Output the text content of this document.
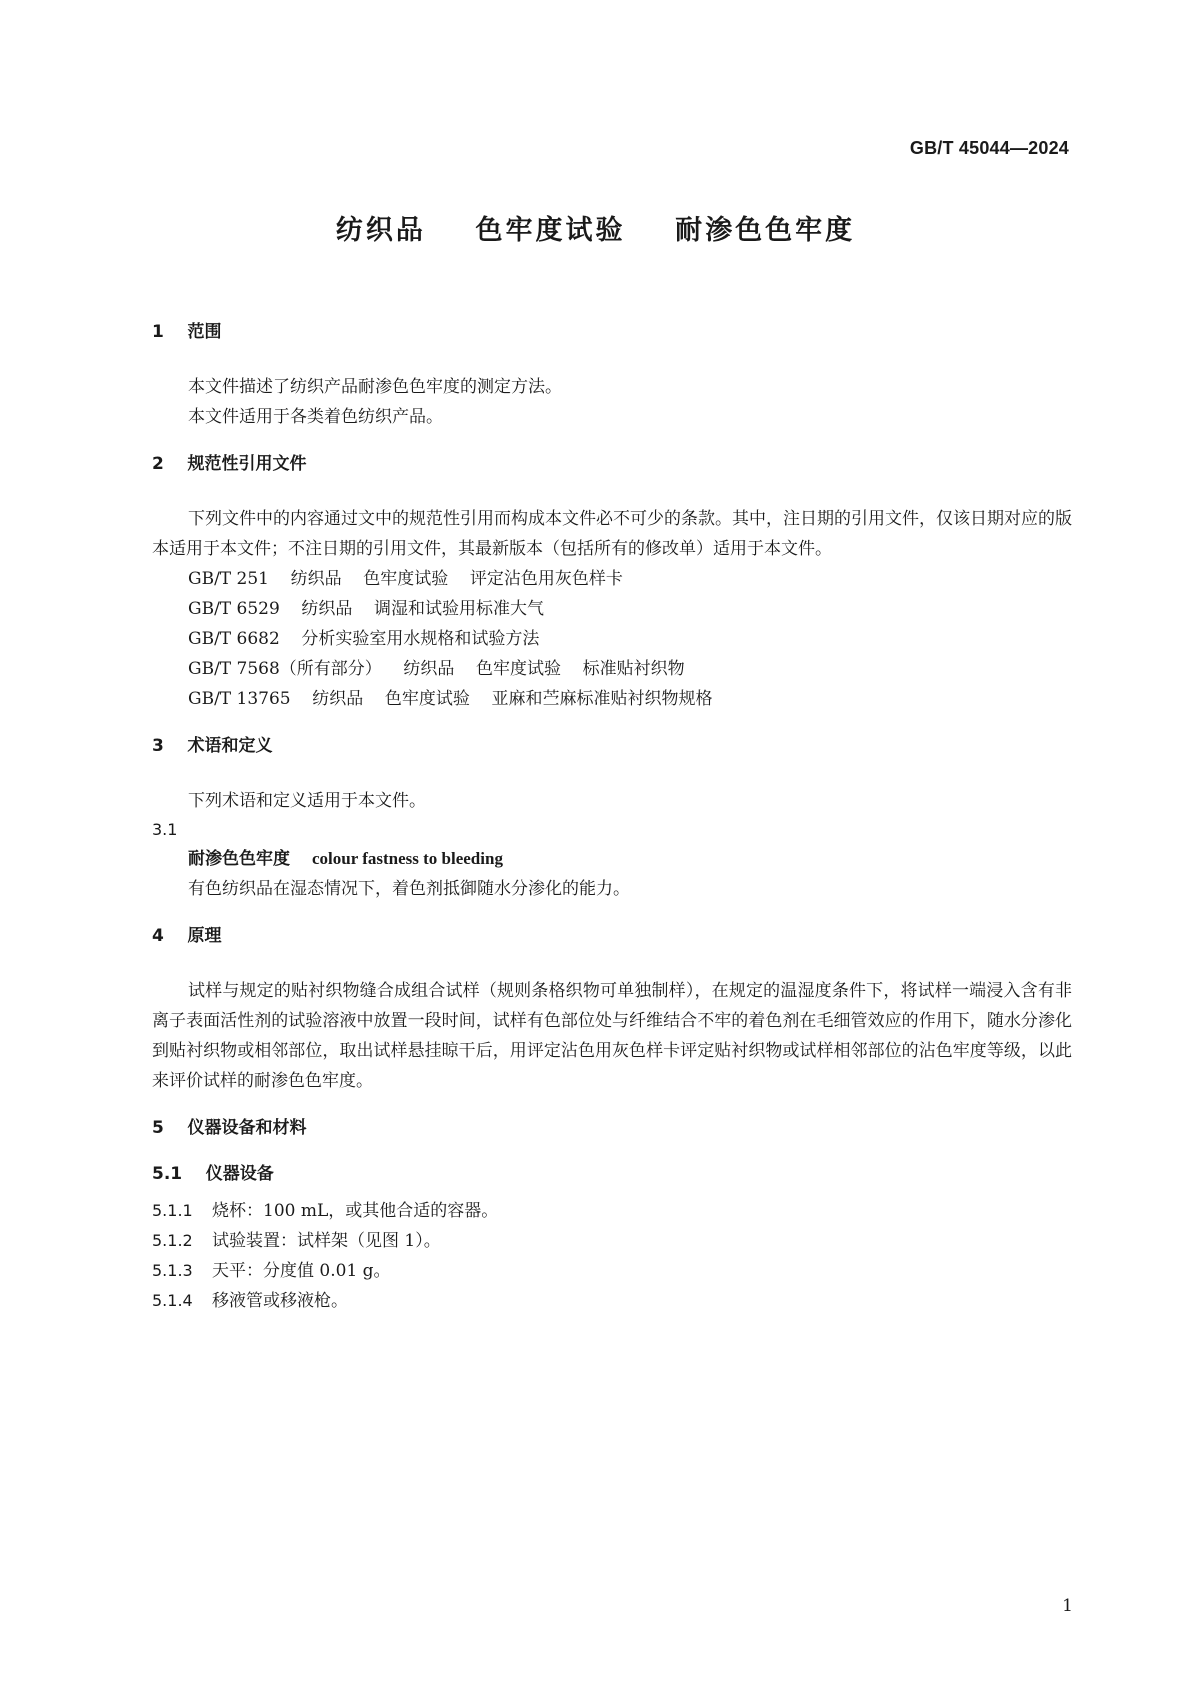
GB/T 45044—2024
纺织品    色牢度试验    耐渗色色牢度
1    范围
本文件描述了纺织产品耐渗色色牢度的测定方法。
本文件适用于各类着色纺织产品。
2    规范性引用文件
下列文件中的内容通过文中的规范性引用而构成本文件必不可少的条款。其中，注日期的引用文件，仅该日期对应的版本适用于本文件；不注日期的引用文件，其最新版本（包括所有的修改单）适用于本文件。
GB/T 251    纺织品    色牢度试验    评定沾色用灰色样卡
GB/T 6529    纺织品    调湿和试验用标准大气
GB/T 6682    分析实验室用水规格和试验方法
GB/T 7568（所有部分）    纺织品    色牢度试验    标准贴衬织物
GB/T 13765    纺织品    色牢度试验    亚麻和苎麻标准贴衬织物规格
3    术语和定义
下列术语和定义适用于本文件。
3.1
耐渗色色牢度 colour fastness to bleeding
有色纺织品在湿态情况下，着色剂抵御随水分渗化的能力。
4    原理
试样与规定的贴衬织物缝合成组合试样（规则条格织物可单独制样），在规定的温湿度条件下，将试样一端浸入含有非离子表面活性剂的试验溶液中放置一段时间，试样有色部位处与纤维结合不牢的着色剂在毛细管效应的作用下，随水分渗化到贴衬织物或相邻部位，取出试样悬挂晾干后，用评定沾色用灰色样卡评定贴衬织物或试样相邻部位的沾色牢度等级，以此来评价试样的耐渗色色牢度。
5    仪器设备和材料
5.1    仪器设备
5.1.1 烧杯：100 mL，或其他合适的容器。
5.1.2 试验装置：试样架（见图 1）。
5.1.3 天平：分度值 0.01 g。
5.1.4 移液管或移液枪。
1
